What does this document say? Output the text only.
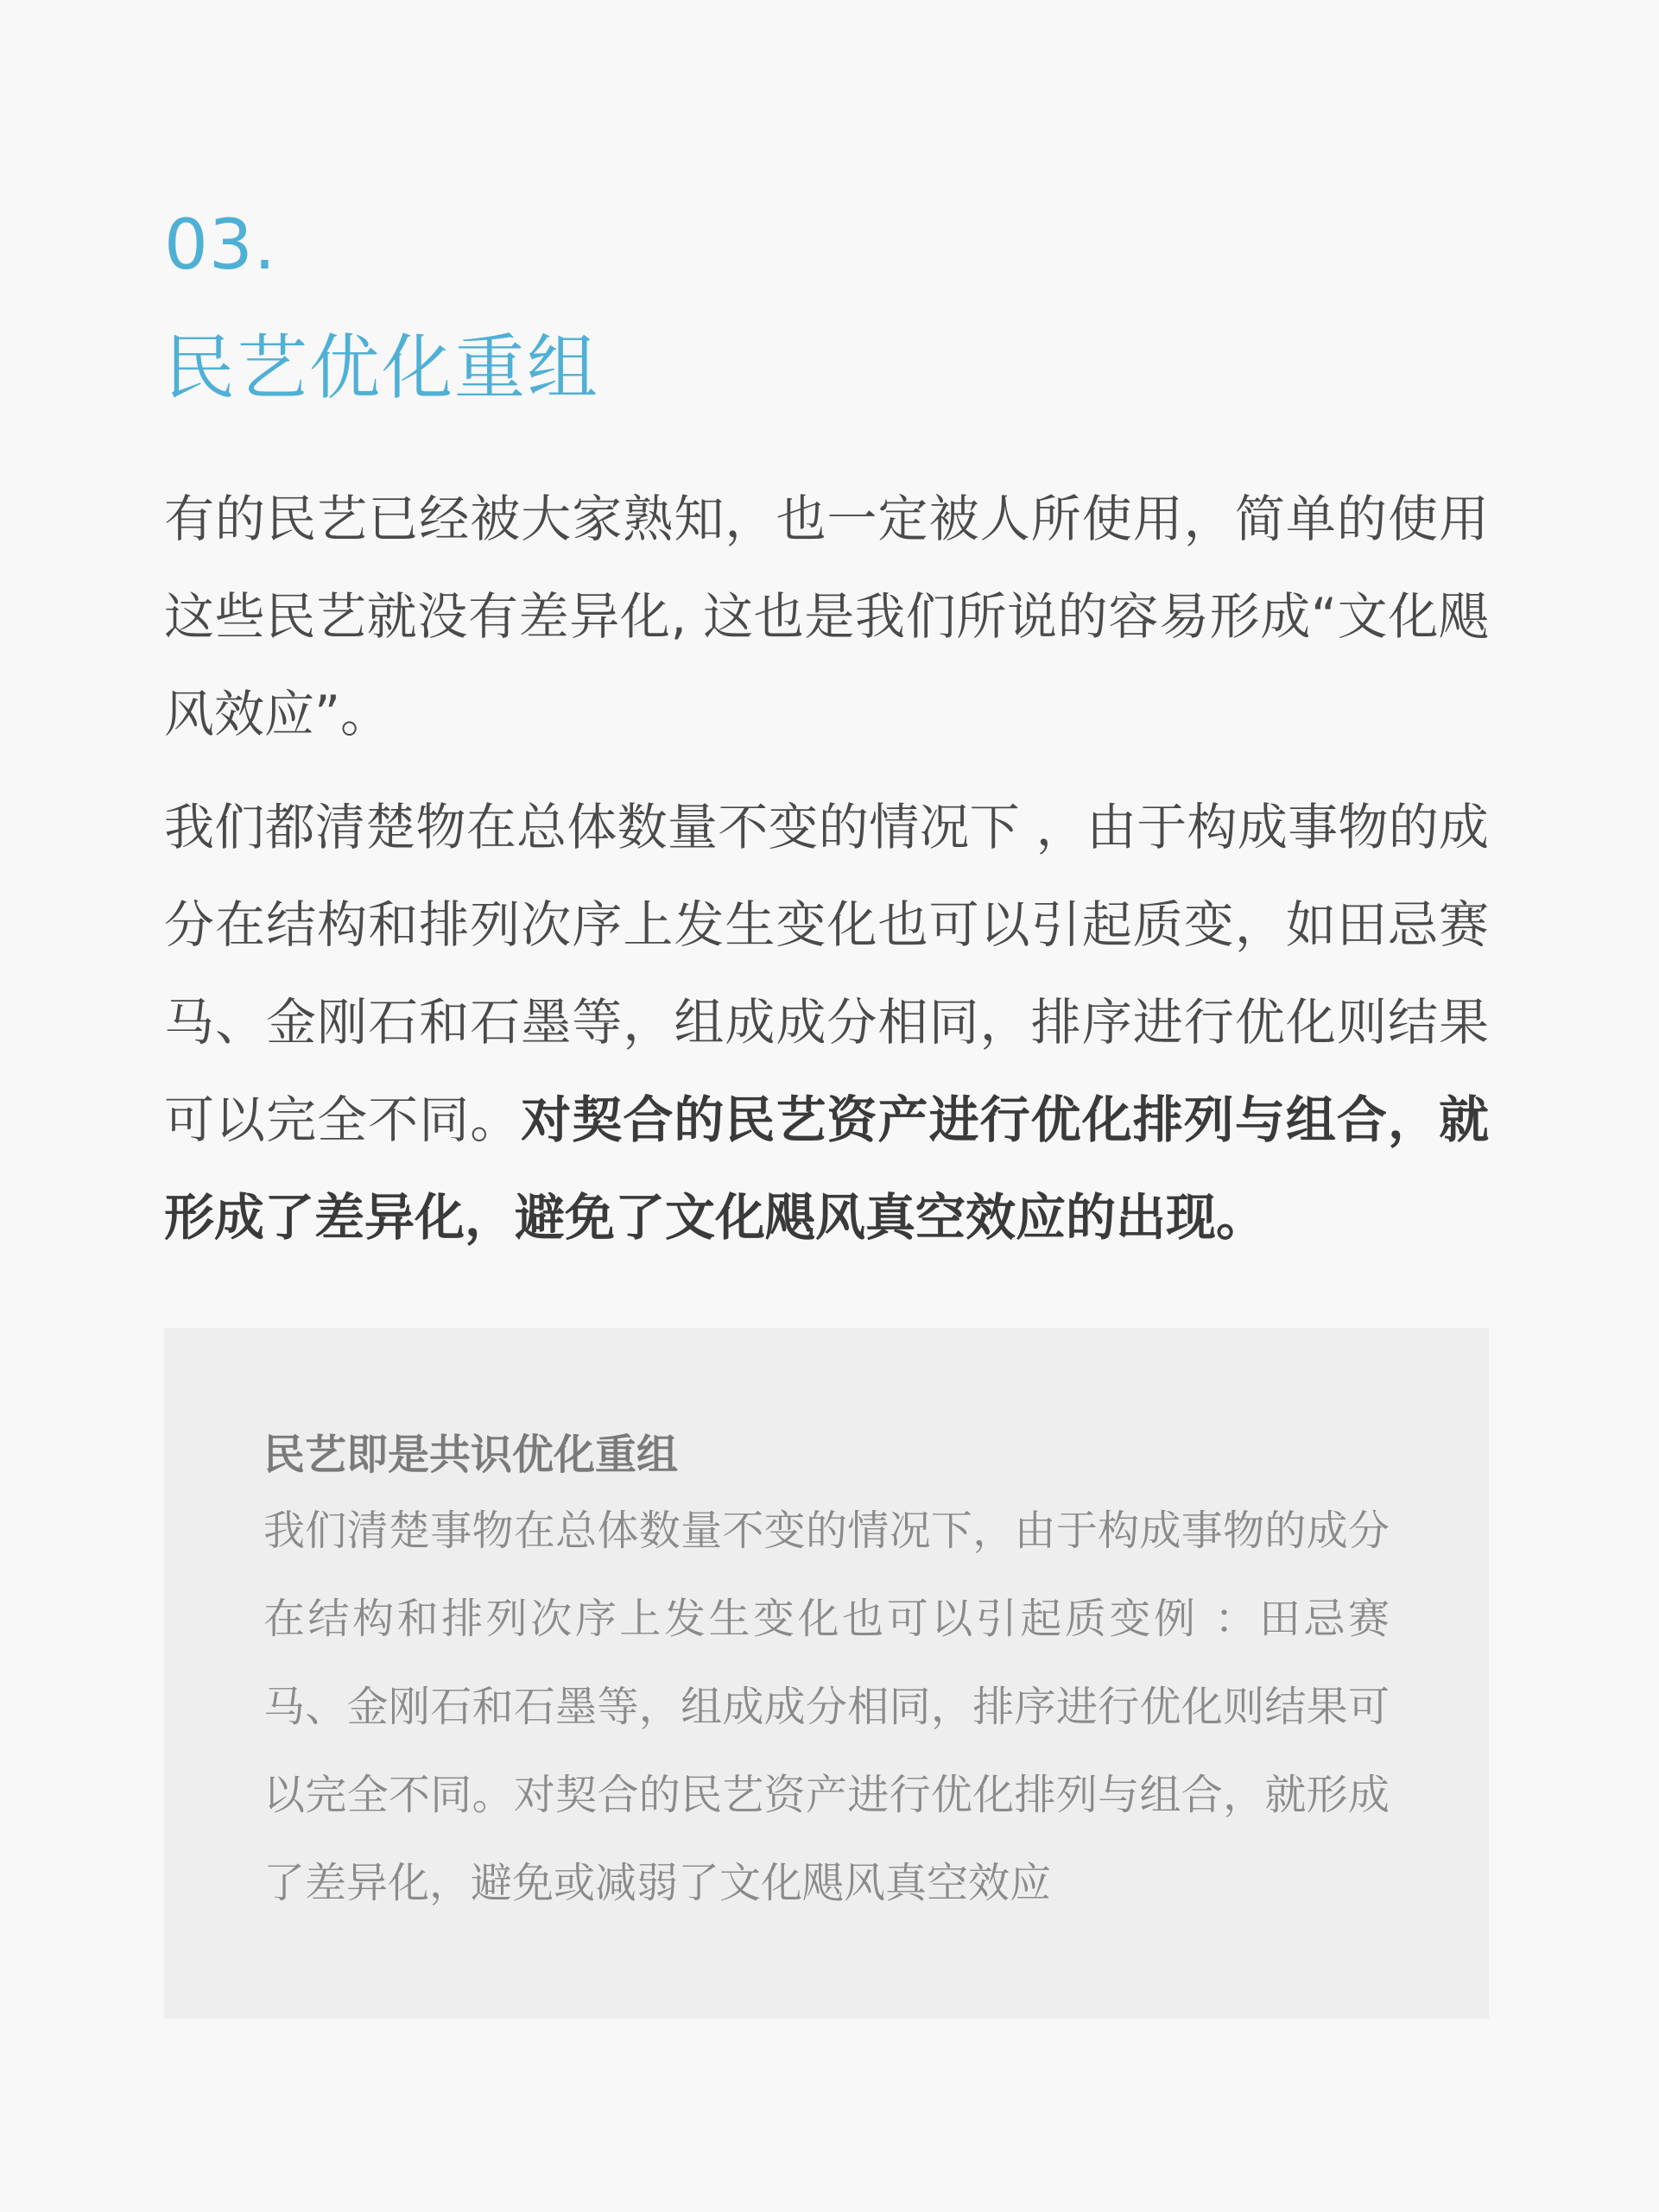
03.
民艺优化重组

有的民艺已经被大家熟知，也一定被人所使用，简单的使用这些民艺就没有差异化, 这也是我们所说的容易形成“文化飓风效应”。

我们都清楚物在总体数量不变的情况下 ，由于构成事物的成分在结构和排列次序上发生变化也可以引起质变，如田忌赛马、金刚石和石墨等，组成成分相同，排序进行优化则结果可以完全不同。对契合的民艺资产进行优化排列与组合，就形成了差异化，避免了文化飓风真空效应的出现。

民艺即是共识优化重组

我们清楚事物在总体数量不变的情况下，由于构成事物的成分在结构和排列次序上发生变化也可以引起质变例 ：田忌赛马、金刚石和石墨等，组成成分相同，排序进行优化则结果可以完全不同。对契合的民艺资产进行优化排列与组合，就形成了差异化，避免或减弱了文化飓风真空效应
